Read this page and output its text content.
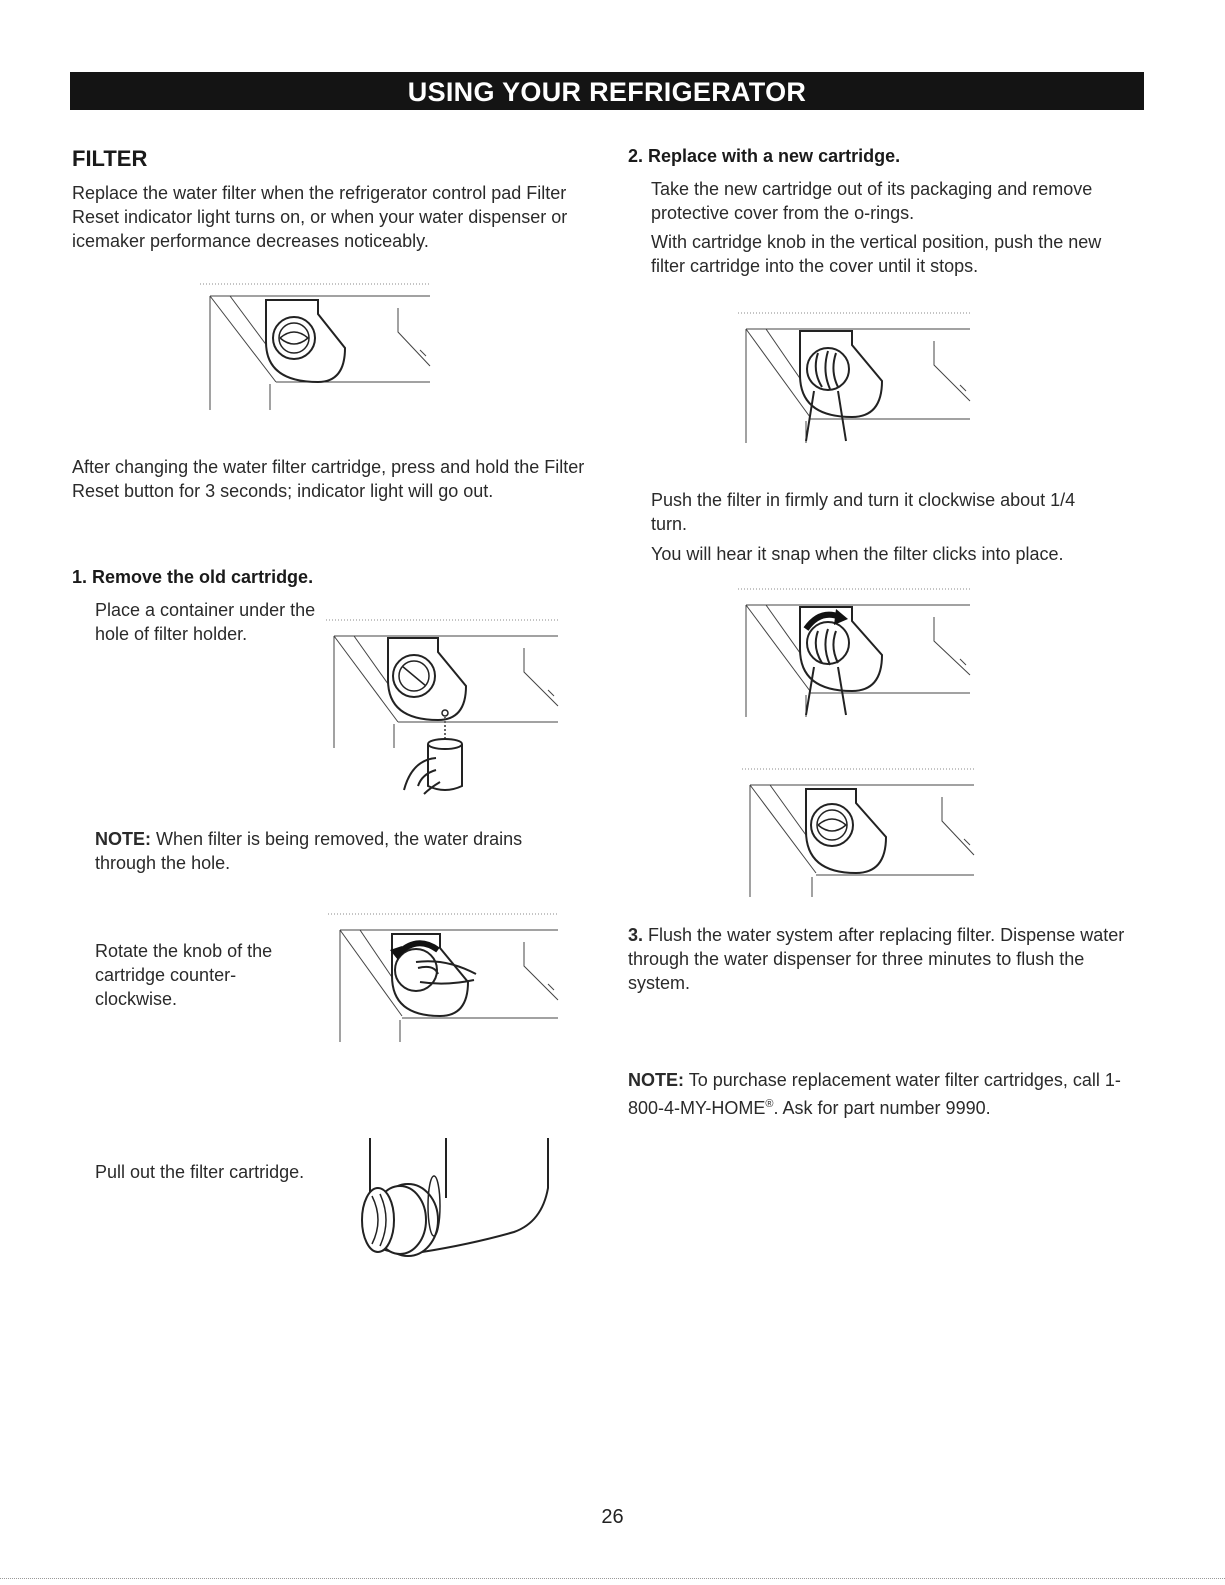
USING YOUR REFRIGERATOR
FILTER
Replace the water filter when the refrigerator control pad Filter Reset indicator light turns on, or when your water dispenser or icemaker performance decreases noticeably.
After changing the water filter cartridge, press and hold the Filter Reset button for 3 seconds; indicator light will go out.
1. Remove the old cartridge.
Place a container under the hole of filter holder.
NOTE: When filter is being removed, the water drains through the hole.
Rotate the knob of the cartridge counter-clockwise.
Pull out the filter cartridge.
2. Replace with a new cartridge.
Take the new cartridge out of its packaging and remove protective cover from the o-rings.
With cartridge knob in the vertical position, push the new filter cartridge into the cover until it stops.
Push the filter in firmly and turn it clockwise about 1/4 turn.
You will hear it snap when the filter clicks into place.
3. Flush the water system after replacing filter. Dispense water through the water dispenser for three minutes to flush the system.
NOTE: To purchase replacement water filter cartridges, call 1-800-4-MY-HOME®. Ask for part number 9990.
26
